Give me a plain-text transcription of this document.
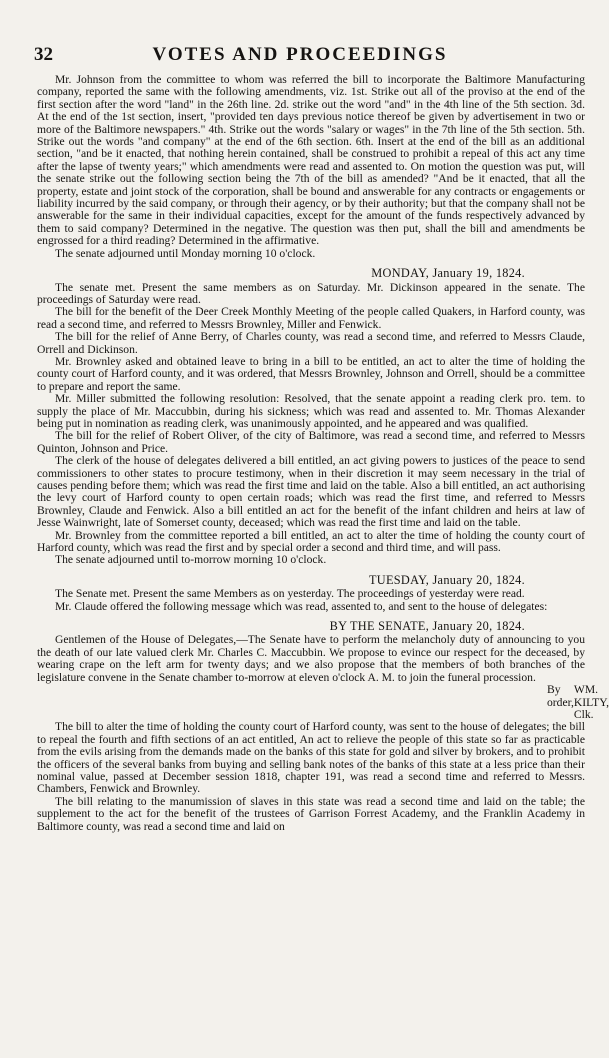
32	VOTES AND PROCEEDINGS

Mr. Johnson from the committee to whom was referred the bill to incorporate the Baltimore Manufacturing company, reported the same with the following amendments, viz. 1st. Strike out all of the proviso at the end of the first section after the word "land" in the 26th line. 2d. strike out the word "and" in the 4th line of the 5th section. 3d. At the end of the 1st section, insert, "provided ten days previous notice thereof be given by advertisement in two or more of the Baltimore newspapers." 4th. Strike out the words "salary or wages" in the 7th line of the 5th section. 5th. Strike out the words "and company" at the end of the 6th section. 6th. Insert at the end of the bill as an additional section, "and be it enacted, that nothing herein contained, shall be construed to prohibit a repeal of this act any time after the lapse of twenty years;" which amendments were read and assented to. On motion the question was put, will the senate strike out the following section being the 7th of the bill as amended? "And be it enacted, that all the property, estate and joint stock of the corporation, shall be bound and answerable for any contracts or engagements or liability incurred by the said company, or through their agency, or by their authority; but that the company shall not be answerable for the same in their individual capacities, except for the amount of the funds respectively advanced by them to said company? Determined in the negative. The question was then put, shall the bill and amendments be engrossed for a third reading? Determined in the affirmative.

The senate adjourned until Monday morning 10 o'clock.

MONDAY, January 19, 1824.

The senate met. Present the same members as on Saturday. Mr. Dickinson appeared in the senate. The proceedings of Saturday were read.

The bill for the benefit of the Deer Creek Monthly Meeting of the people called Quakers, in Harford county, was read a second time, and referred to Messrs Brownley, Miller and Fenwick.

The bill for the relief of Anne Berry, of Charles county, was read a second time, and referred to Messrs Claude, Orrell and Dickinson.

Mr. Brownley asked and obtained leave to bring in a bill to be entitled, an act to alter the time of holding the county court of Harford county, and it was ordered, that Messrs Brownley, Johnson and Orrell, should be a committee to prepare and report the same.

Mr. Miller submitted the following resolution: Resolved, that the senate appoint a reading clerk pro. tem. to supply the place of Mr. Maccubbin, during his sickness; which was read and assented to. Mr. Thomas Alexander being put in nomination as reading clerk, was unanimously appointed, and he appeared and was qualified.

The bill for the relief of Robert Oliver, of the city of Baltimore, was read a second time, and referred to Messrs Quinton, Johnson and Price.

The clerk of the house of delegates delivered a bill entitled, an act giving powers to justices of the peace to send commissioners to other states to procure testimony, when in their discretion it may seem necessary in the trial of causes pending before them; which was read the first time and laid on the table. Also a bill entitled, an act authorising the levy court of Harford county to open certain roads; which was read the first time, and referred to Messrs Brownley, Claude and Fenwick. Also a bill entitled an act for the benefit of the infant children and heirs at law of Jesse Wainwright, late of Somerset county, deceased; which was read the first time and laid on the table.

Mr. Brownley from the committee reported a bill entitled, an act to alter the time of holding the county court of Harford county, which was read the first and by special order a second and third time, and will pass.

The senate adjourned until to-morrow morning 10 o'clock.

TUESDAY, January 20, 1824.

The Senate met. Present the same Members as on yesterday. The proceedings of yesterday were read.

Mr. Claude offered the following message which was read, assented to, and sent to the house of delegates:

BY THE SENATE, January 20, 1824.

Gentlemen of the House of Delegates,—The Senate have to perform the melancholy duty of announcing to you the death of our late valued clerk Mr. Charles C. Maccubbin. We propose to evince our respect for the deceased, by wearing crape on the left arm for twenty days; and we also propose that the members of both branches of the legislature convene in the Senate chamber to-morrow at eleven o'clock A. M. to join the funeral procession.

By order,
WM. KILTY, Clk.

The bill to alter the time of holding the county court of Harford county, was sent to the house of delegates; the bill to repeal the fourth and fifth sections of an act entitled, An act to relieve the people of this state so far as practicable from the evils arising from the demands made on the banks of this state for gold and silver by brokers, and to prohibit the officers of the several banks from buying and selling bank notes of the banks of this state at a less price than their nominal value, passed at December session 1818, chapter 191, was read a second time and referred to Messrs. Chambers, Fenwick and Brownley.

The bill relating to the manumission of slaves in this state was read a second time and laid on the table; the supplement to the act for the benefit of the trustees of Garrison Forrest Academy, and the Franklin Academy in Baltimore county, was read a second time and laid on
